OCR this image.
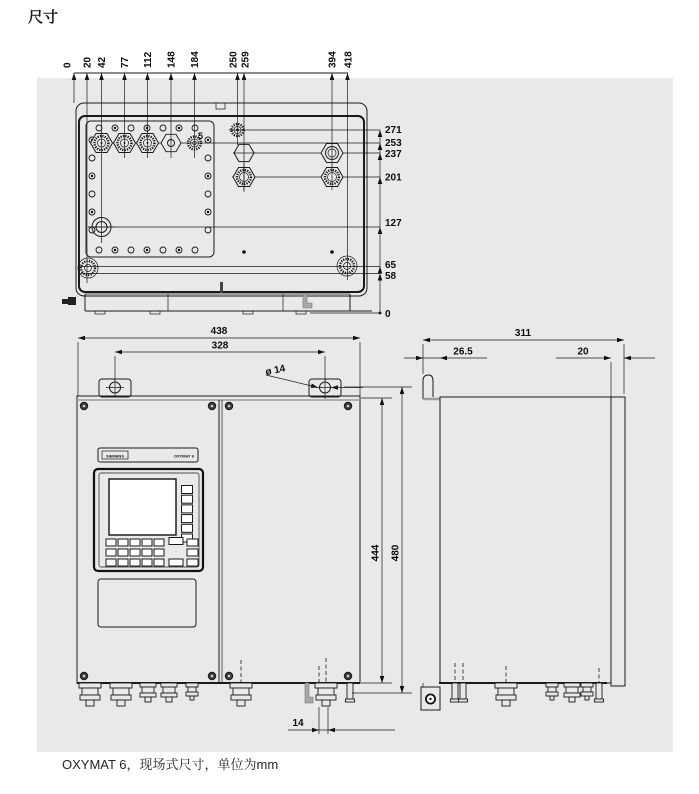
尺寸
5
0 20 42 77 112 148 184	250 259	394 418
271
253
237
201
127
65
58
0
438
328
ø 14
SIEMENS	OXYMAT 6
14
444 480
311
26.5	20
OXYMAT 6，现场式尺寸，单位为mm
